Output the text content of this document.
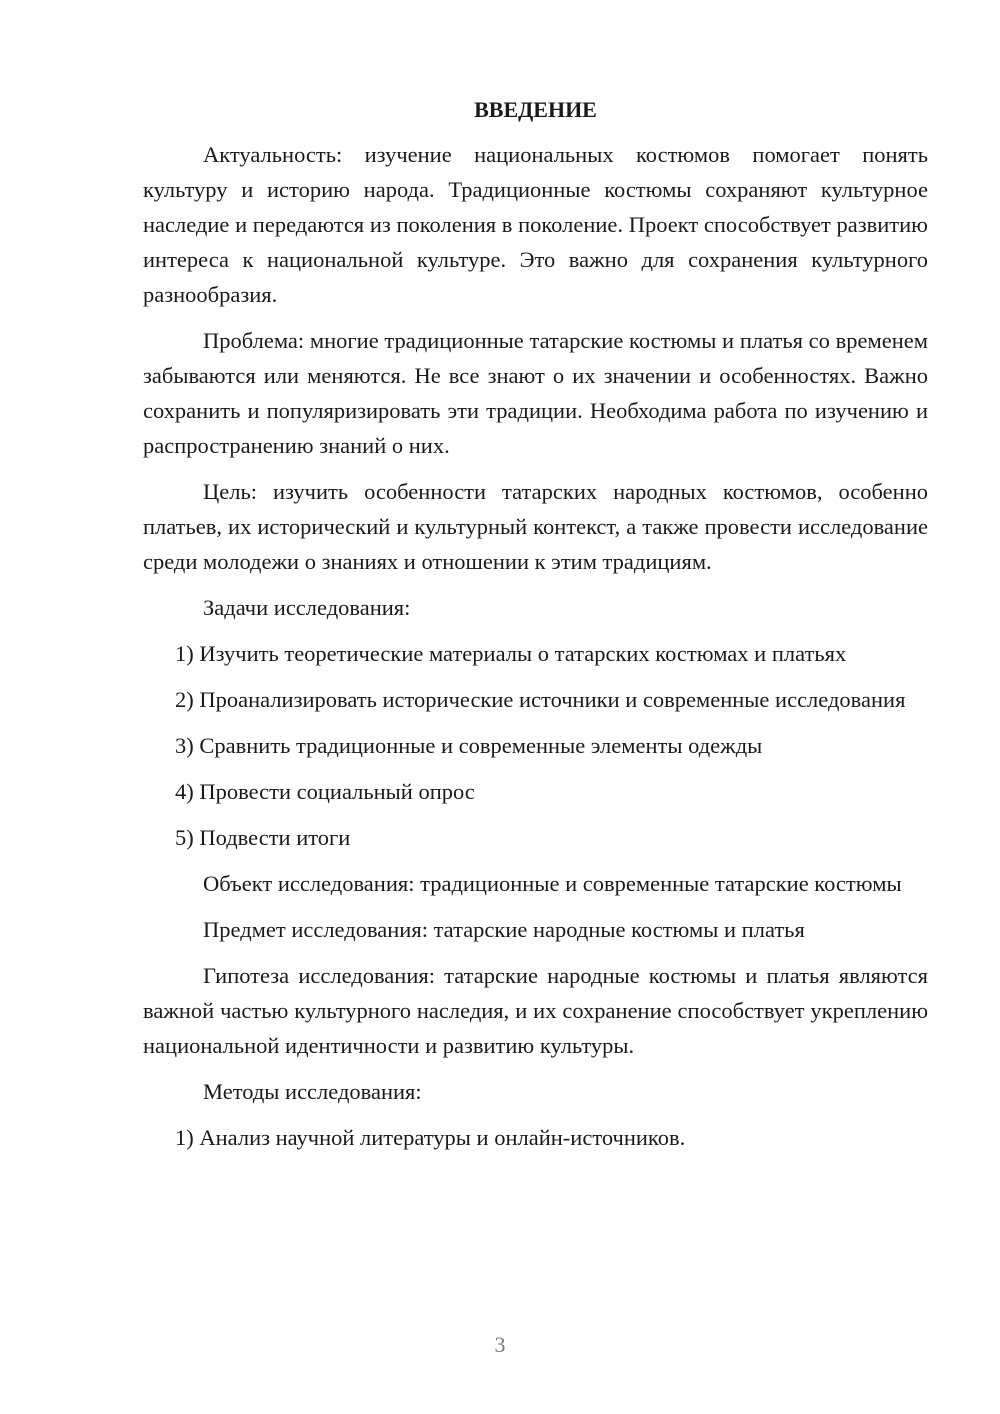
ВВЕДЕНИЕ

Актуальность: изучение национальных костюмов помогает понять культуру и историю народа. Традиционные костюмы сохраняют культурное наследие и передаются из поколения в поколение. Проект способствует развитию интереса к национальной культуре. Это важно для сохранения культурного разнообразия.

Проблема: многие традиционные татарские костюмы и платья со временем забываются или меняются. Не все знают о их значении и особенностях. Важно сохранить и популяризировать эти традиции. Необходима работа по изучению и распространению знаний о них.

Цель: изучить особенности татарских народных костюмов, особенно платьев, их исторический и культурный контекст, а также провести исследование среди молодежи о знаниях и отношении к этим традициям.

Задачи исследования:

1) Изучить теоретические материалы о татарских костюмах и платьях

2) Проанализировать исторические источники и современные исследования

3) Сравнить традиционные и современные элементы одежды

4) Провести социальный опрос

5) Подвести итоги

Объект исследования: традиционные и современные татарские костюмы

Предмет исследования: татарские народные костюмы и платья

Гипотеза исследования: татарские народные костюмы и платья являются важной частью культурного наследия, и их сохранение способствует укреплению национальной идентичности и развитию культуры.

Методы исследования:

1) Анализ научной литературы и онлайн-источников.

3
